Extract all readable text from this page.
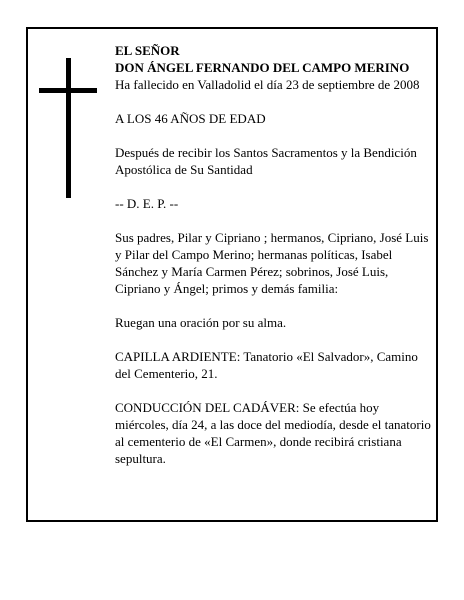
EL SEÑOR

DON ÁNGEL FERNANDO DEL CAMPO MERINO

Ha fallecido en Valladolid el día 23 de septiembre de 2008

A LOS 46 AÑOS DE EDAD

Después de recibir los Santos Sacramentos y la Bendición Apostólica de Su Santidad

-- D. E. P. --

Sus padres, Pilar y Cipriano ; hermanos, Cipriano, José Luis y Pilar del Campo Merino; hermanas políticas, Isabel Sánchez y María Carmen Pérez; sobrinos, José Luis, Cipriano y Ángel; primos y demás familia:

Ruegan una oración por su alma.

CAPILLA ARDIENTE: Tanatorio «El Salvador», Camino del Cementerio, 21.

CONDUCCIÓN DEL CADÁVER: Se efectúa hoy miércoles, día 24, a las doce del mediodía, desde el tanatorio al cementerio de «El Carmen», donde recibirá cristiana sepultura.
